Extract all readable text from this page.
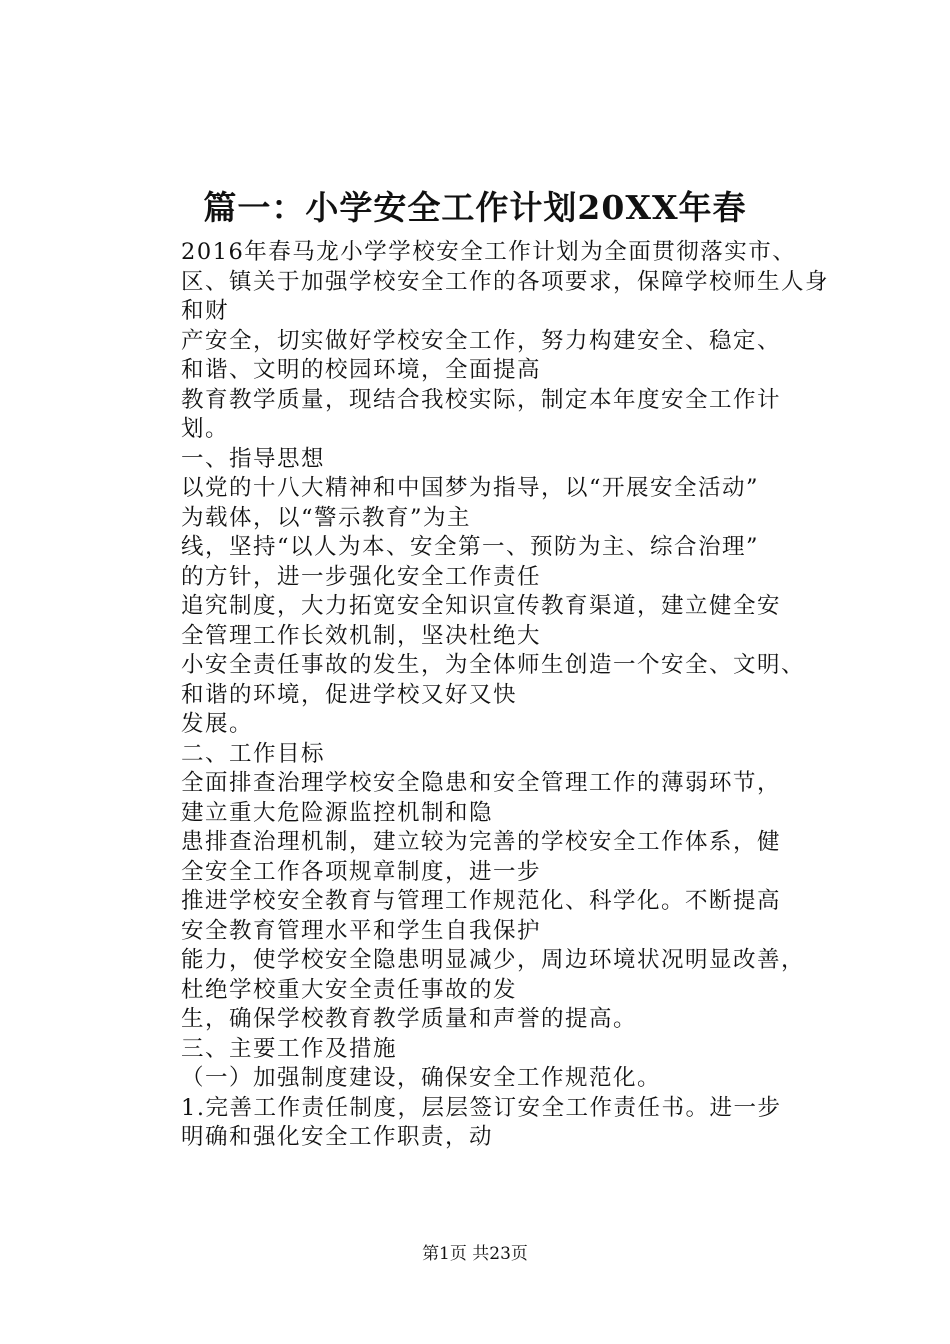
篇一：小学安全工作计划20XX年春
2016年春马龙小学学校安全工作计划为全面贯彻落实市、
区、镇关于加强学校安全工作的各项要求，保障学校师生人身
和财
产安全，切实做好学校安全工作，努力构建安全、稳定、
和谐、文明的校园环境，全面提高
教育教学质量，现结合我校实际，制定本年度安全工作计
划。
一、指导思想
以党的十八大精神和中国梦为指导，以“开展安全活动”
为载体，以“警示教育”为主
线，坚持“以人为本、安全第一、预防为主、综合治理”
的方针，进一步强化安全工作责任
追究制度，大力拓宽安全知识宣传教育渠道，建立健全安
全管理工作长效机制，坚决杜绝大
小安全责任事故的发生，为全体师生创造一个安全、文明、
和谐的环境，促进学校又好又快
发展。
二、工作目标
全面排查治理学校安全隐患和安全管理工作的薄弱环节，
建立重大危险源监控机制和隐
患排查治理机制，建立较为完善的学校安全工作体系，健
全安全工作各项规章制度，进一步
推进学校安全教育与管理工作规范化、科学化。不断提高
安全教育管理水平和学生自我保护
能力，使学校安全隐患明显减少，周边环境状况明显改善，
杜绝学校重大安全责任事故的发
生，确保学校教育教学质量和声誉的提高。
三、主要工作及措施
（一）加强制度建设，确保安全工作规范化。
1.完善工作责任制度，层层签订安全工作责任书。进一步
明确和强化安全工作职责，动
第1页 共23页
